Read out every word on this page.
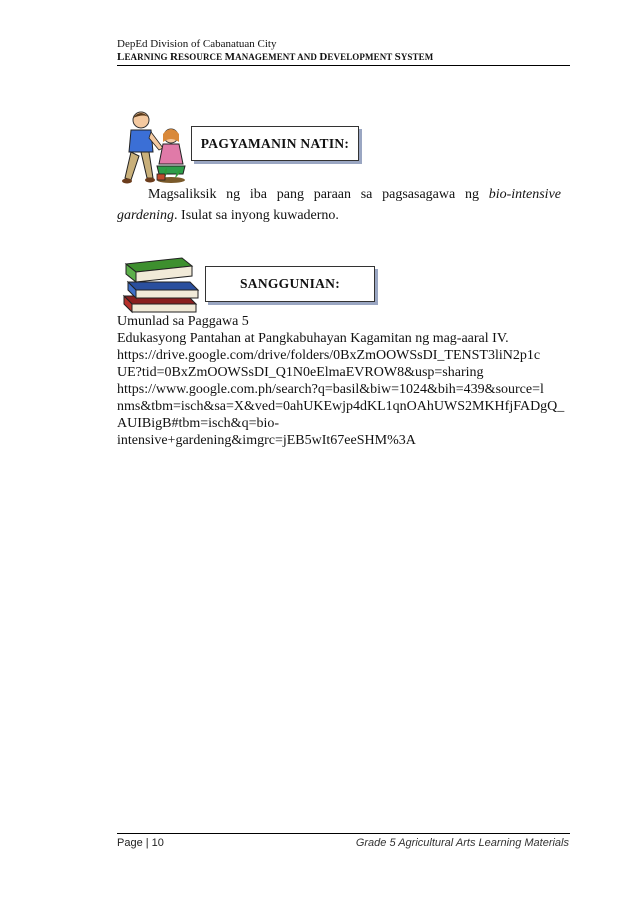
DepEd Division of Cabanatuan City
LEARNING RESOURCE MANAGEMENT AND DEVELOPMENT SYSTEM
PAGYAMANIN NATIN:
Magsaliksik ng iba pang paraan sa pagsasagawa ng bio-intensive gardening. Isulat sa inyong kuwaderno.
SANGGUNIAN:
Umunlad sa Paggawa 5
Edukasyong Pantahan at Pangkabuhayan Kagamitan ng mag-aaral IV.
https://drive.google.com/drive/folders/0BxZmOOWSsDI_TENST3liN2p1c
UE?tid=0BxZmOOWSsDI_Q1N0eElmaEVROW8&usp=sharing
https://www.google.com.ph/search?q=basil&biw=1024&bih=439&source=l
nms&tbm=isch&sa=X&ved=0ahUKEwjp4dKL1qnOAhUWS2MKHfjFADgQ_
AUIBigB#tbm=isch&q=bio-
intensive+gardening&imgrc=jEB5wIt67eeSHM%3A
Page | 10	Grade 5 Agricultural Arts Learning Materials
